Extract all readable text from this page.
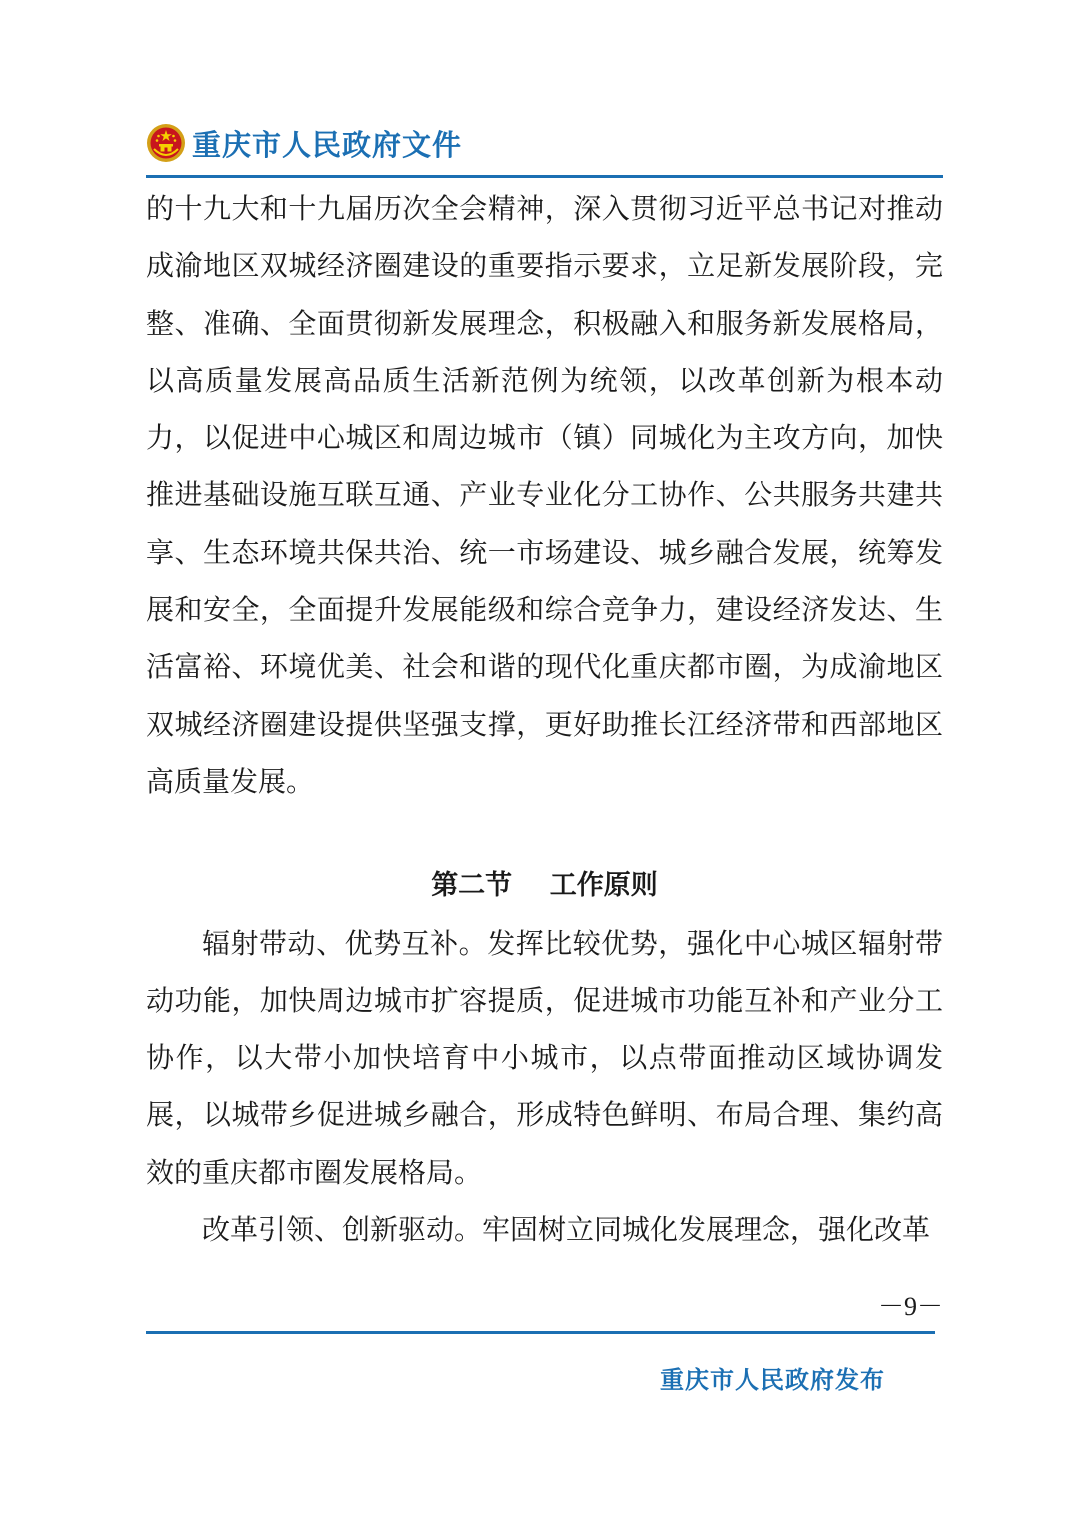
重庆市人民政府文件

的十九大和十九届历次全会精神，深入贯彻习近平总书记对推动成渝地区双城经济圈建设的重要指示要求，立足新发展阶段，完整、准确、全面贯彻新发展理念，积极融入和服务新发展格局，以高质量发展高品质生活新范例为统领，以改革创新为根本动力，以促进中心城区和周边城市（镇）同城化为主攻方向，加快推进基础设施互联互通、产业专业化分工协作、公共服务共建共享、生态环境共保共治、统一市场建设、城乡融合发展，统筹发展和安全，全面提升发展能级和综合竞争力，建设经济发达、生活富裕、环境优美、社会和谐的现代化重庆都市圈，为成渝地区双城经济圈建设提供坚强支撑，更好助推长江经济带和西部地区高质量发展。

第二节    工作原则

辐射带动、优势互补。发挥比较优势，强化中心城区辐射带动功能，加快周边城市扩容提质，促进城市功能互补和产业分工协作，以大带小加快培育中小城市，以点带面推动区域协调发展，以城带乡促进城乡融合，形成特色鲜明、布局合理、集约高效的重庆都市圈发展格局。

改革引领、创新驱动。牢固树立同城化发展理念，强化改革

－9－
重庆市人民政府发布
